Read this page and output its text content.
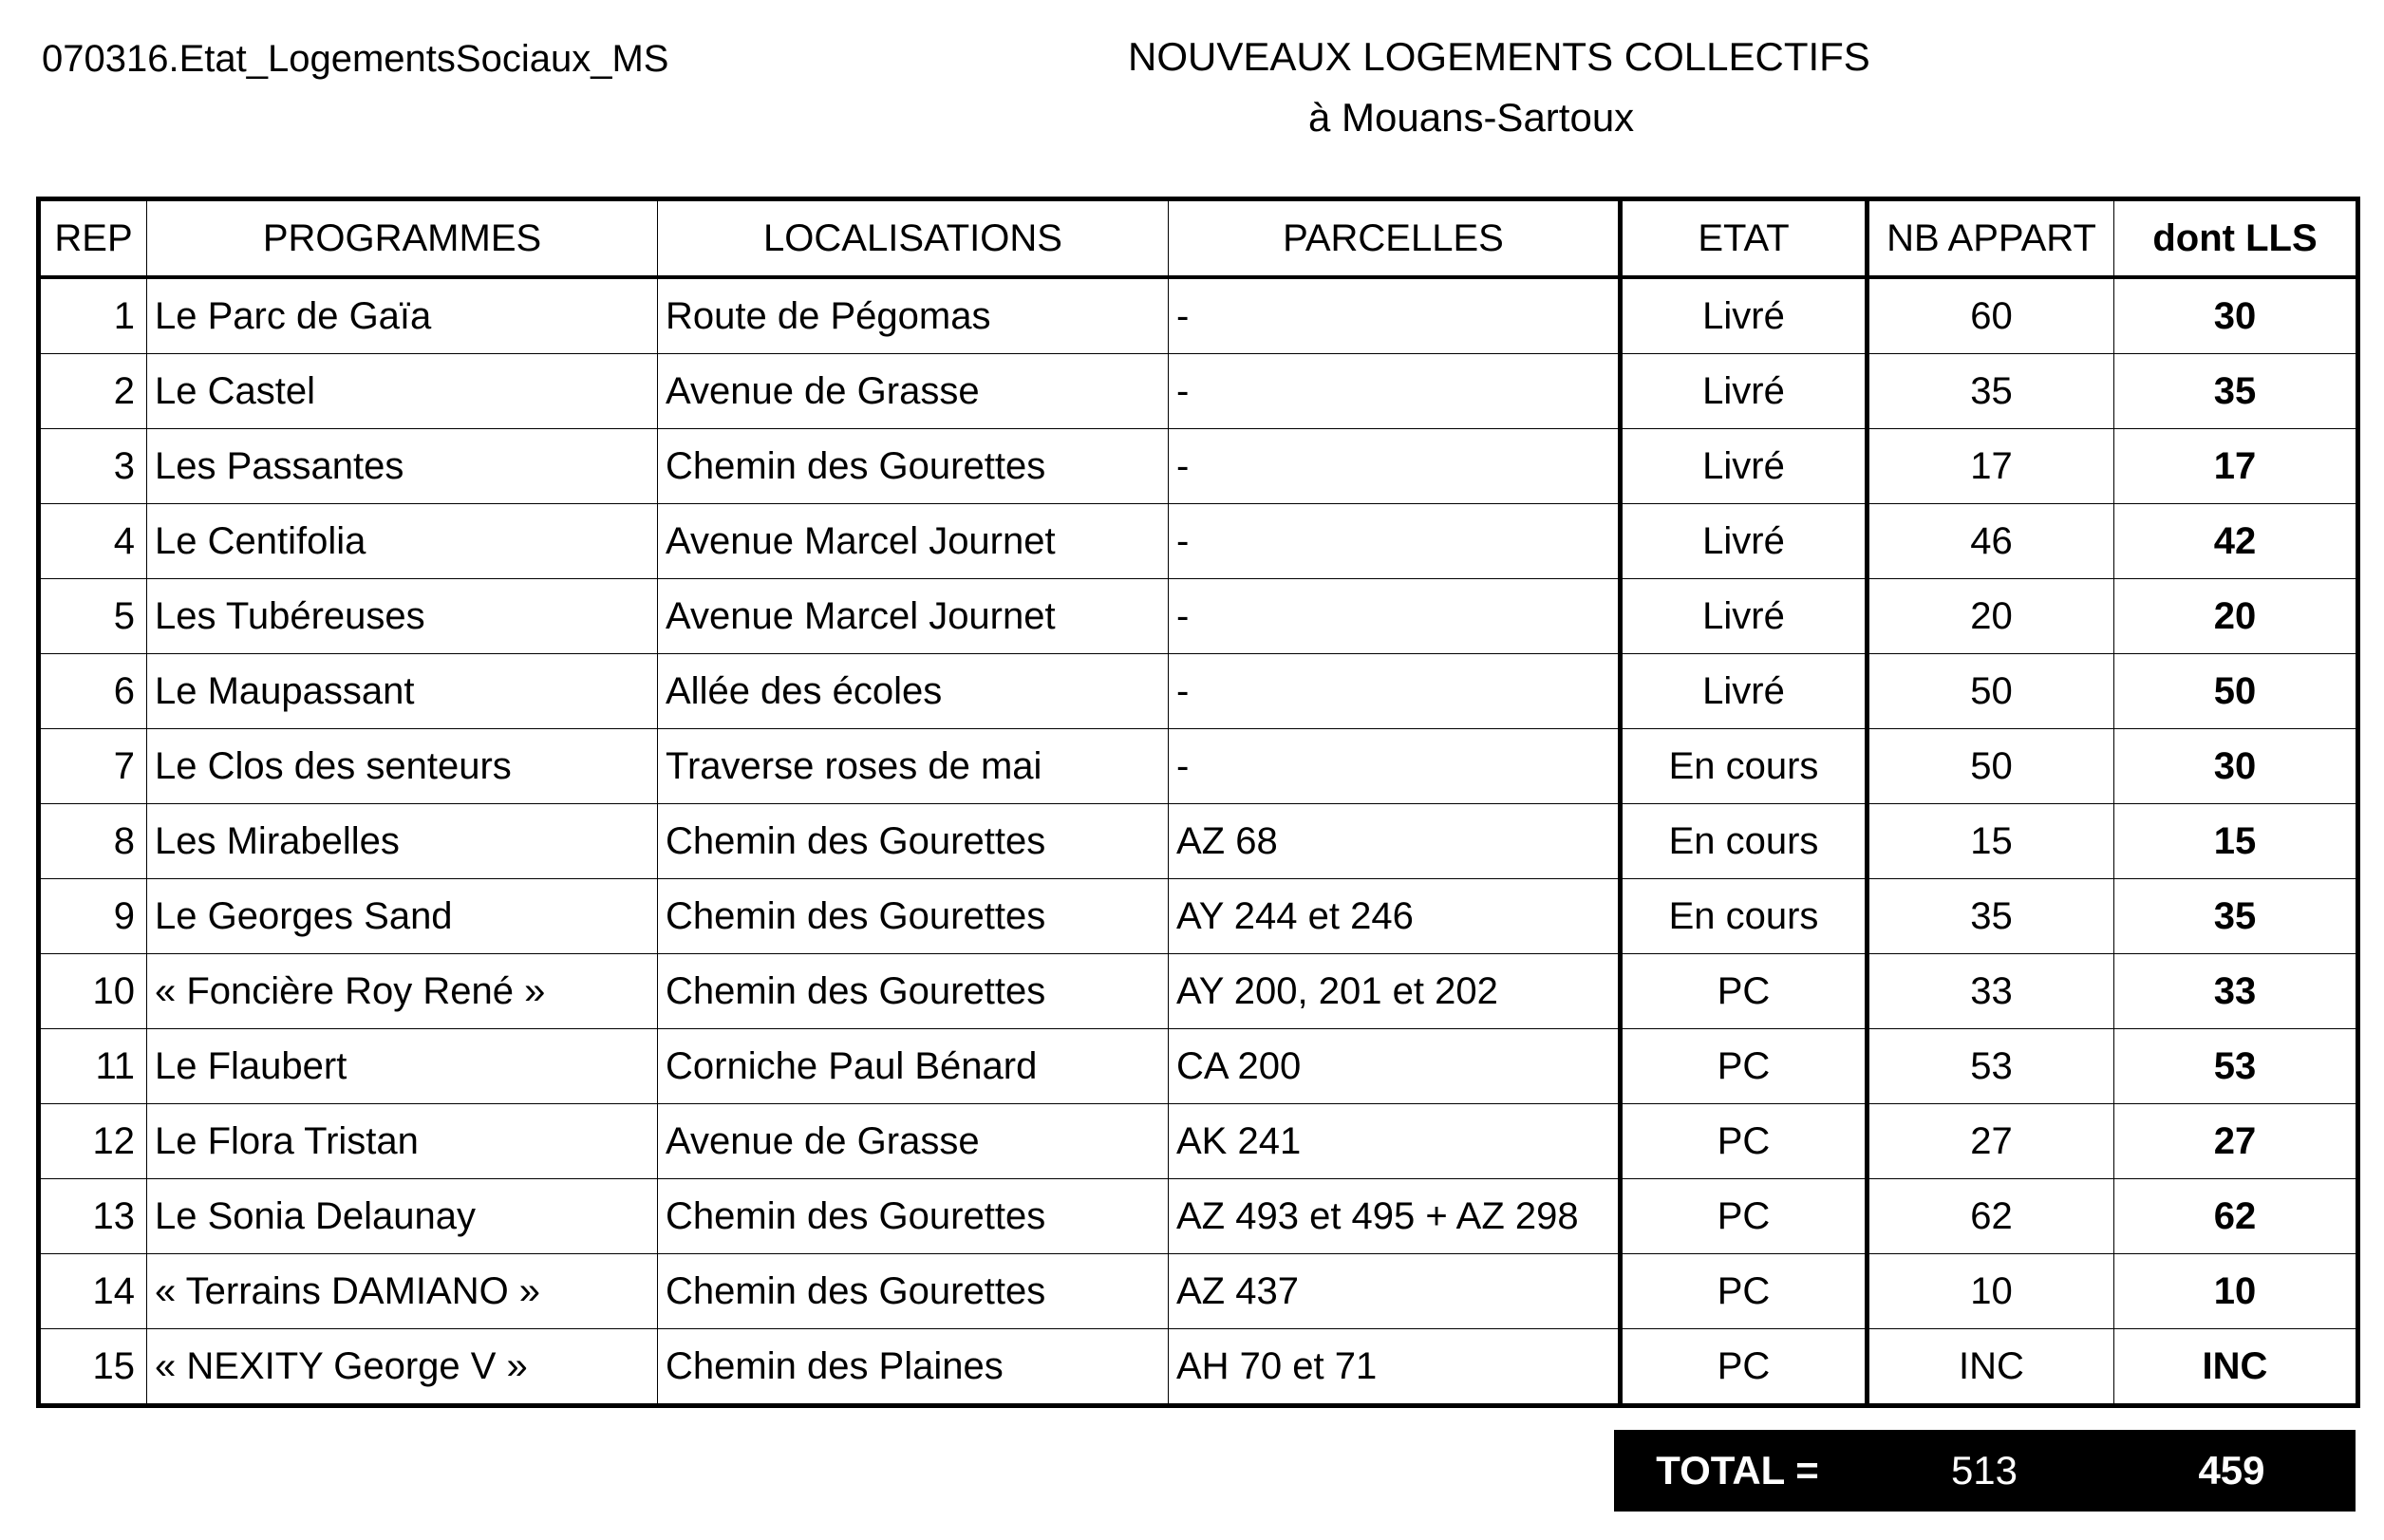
070316.Etat_LogementsSociaux_MS	NOUVEAUX LOGEMENTS COLLECTIFS
à Mouans-Sartoux
REP	PROGRAMMES	LOCALISATIONS	PARCELLES	ETAT	NB APPART	dont LLS
1	Le Parc de Gaïa	Route de Pégomas	-	Livré	60	30
2	Le Castel	Avenue de Grasse	-	Livré	35	35
3	Les Passantes	Chemin des Gourettes	-	Livré	17	17
4	Le Centifolia	Avenue Marcel Journet	-	Livré	46	42
5	Les Tubéreuses	Avenue Marcel Journet	-	Livré	20	20
6	Le Maupassant	Allée des écoles	-	Livré	50	50
7	Le Clos des senteurs	Traverse roses de mai	-	En cours	50	30
8	Les Mirabelles	Chemin des Gourettes	AZ 68	En cours	15	15
9	Le Georges Sand	Chemin des Gourettes	AY 244 et 246	En cours	35	35
10	« Foncière Roy René »	Chemin des Gourettes	AY 200, 201 et 202	PC	33	33
11	Le Flaubert	Corniche Paul Bénard	CA 200	PC	53	53
12	Le Flora Tristan	Avenue de Grasse	AK 241	PC	27	27
13	Le Sonia Delaunay	Chemin des Gourettes	AZ 493 et 495 + AZ 298	PC	62	62
14	« Terrains DAMIANO »	Chemin des Gourettes	AZ 437	PC	10	10
15	« NEXITY George V »	Chemin des Plaines	AH 70 et 71	PC	INC	INC
TOTAL =	513	459
